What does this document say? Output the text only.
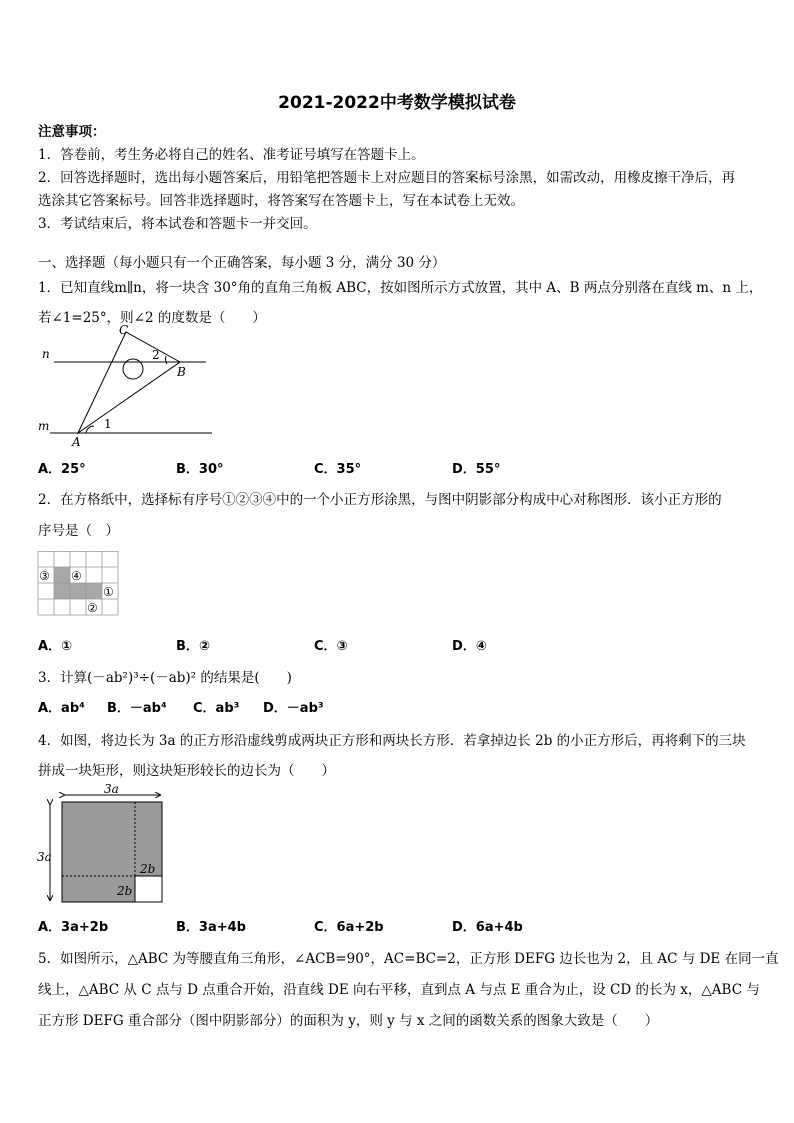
2021-2022中考数学模拟试卷
注意事项：
1．答卷前，考生务必将自己的姓名、准考证号填写在答题卡上。
2．回答选择题时，选出每小题答案后，用铅笔把答题卡上对应题目的答案标号涂黑，如需改动，用橡皮擦干净后，再
选涂其它答案标号。回答非选择题时，将答案写在答题卡上，写在本试卷上无效。
3．考试结束后，将本试卷和答题卡一并交回。
一、选择题（每小题只有一个正确答案，每小题 3 分，满分 30 分）
1．已知直线m∥n，将一块含 30°角的直角三角板 ABC，按如图所示方式放置，其中 A、B 两点分别落在直线 m、n 上，
若∠1=25°，则∠2 的度数是（　　）
n
m
C
B
A
1
2
A．25°	B．30°	C．35°	D．55°
2．在方格纸中，选择标有序号①②③④中的一个小正方形涂黑，与图中阴影部分构成中心对称图形．该小正方形的
序号是（　）
③ ④
①
②
A．①	B．②	C．③	D．④
3．计算(－ab²)³÷(－ab)² 的结果是(　　)
A．ab⁴ B．－ab⁴ C．ab³ D．－ab³
4．如图，将边长为 3a 的正方形沿虚线剪成两块正方形和两块长方形．若拿掉边长 2b 的小正方形后，再将剩下的三块
拼成一块矩形，则这块矩形较长的边长为（　　）
3a
3a
2b
2b
A．3a+2b	B．3a+4b	C．6a+2b	D．6a+4b
5．如图所示，△ABC 为等腰直角三角形，∠ACB=90°，AC=BC=2，正方形 DEFG 边长也为 2，且 AC 与 DE 在同一直
线上，△ABC 从 C 点与 D 点重合开始，沿直线 DE 向右平移，直到点 A 与点 E 重合为止，设 CD 的长为 x，△ABC 与
正方形 DEFG 重合部分（图中阴影部分）的面积为 y，则 y 与 x 之间的函数关系的图象大致是（　　）
